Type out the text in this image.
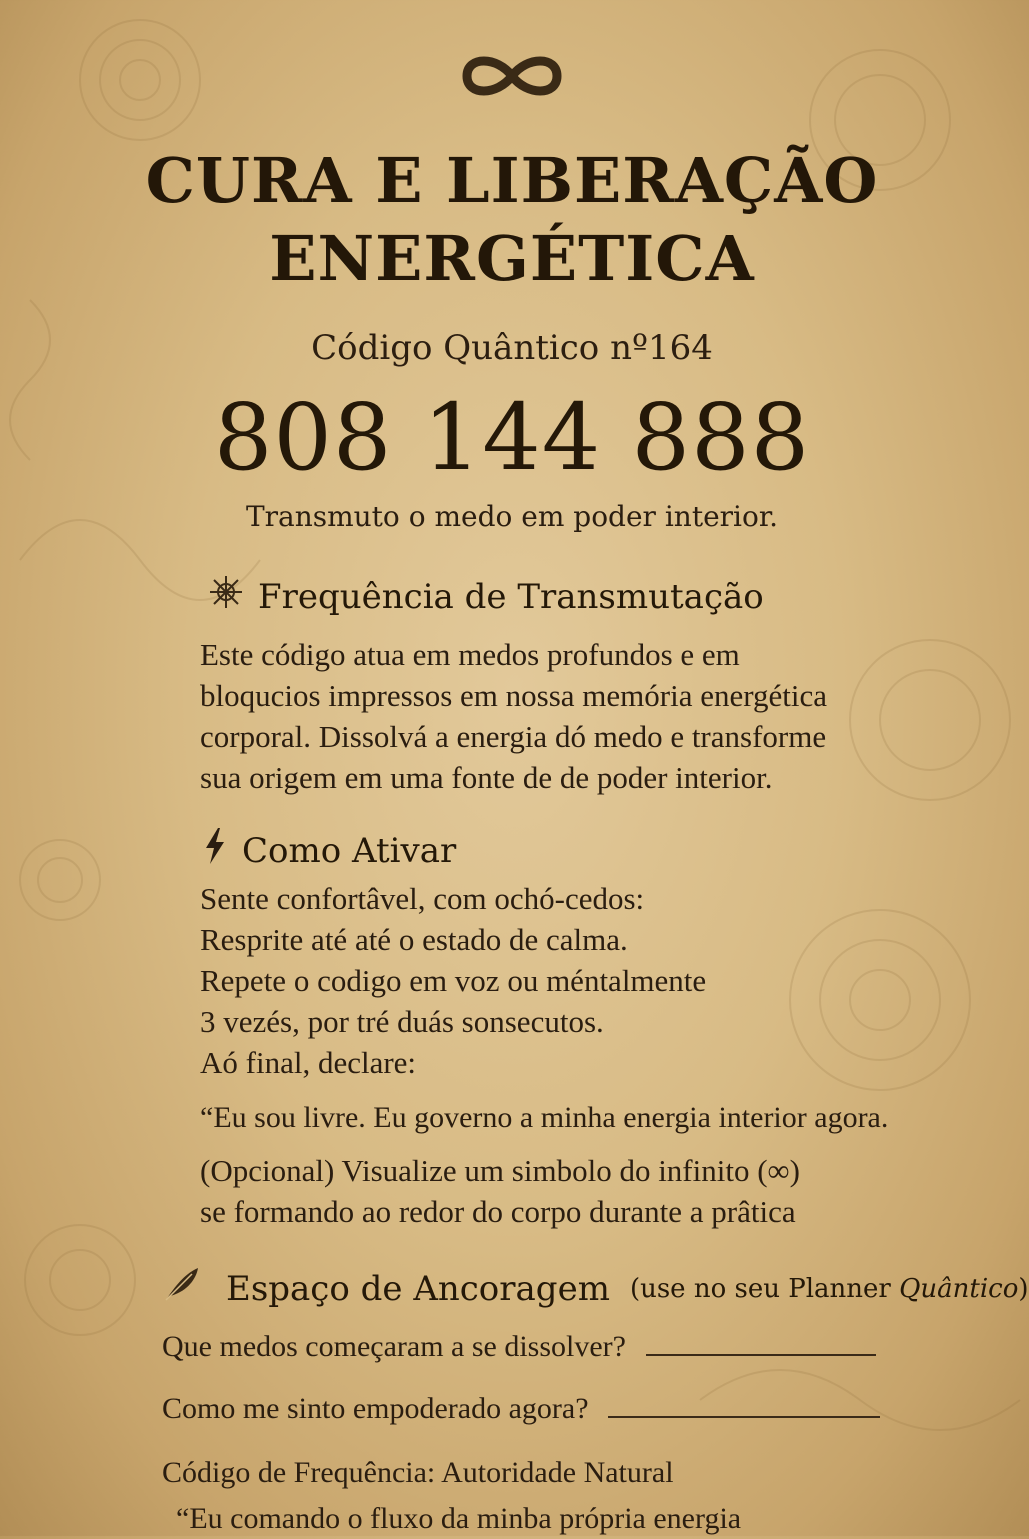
CURA E LIBERAÇÃO
ENERGÉTICA
Código Quântico nº164
808 144 888
Transmuto o medo em poder interior.
Frequência de Transmutação
Este código atua em medos profundos e em
bloqucios impressos em nossa memória energética
corporal. Dissolvá a energia dó medo e transforme
sua origem em uma fonte de de poder interior.
Como Ativar
Sente confortâvel, com ochó-cedos:
Resprite até até o estado de calma.
Repete o codigo em voz ou méntalmente
3 vezés, por tré duás sonsecutos.
Aó final, declare:
“Eu sou livre. Eu governo a minha energia interior agora.
(Opcional) Visualize um simbolo do infinito (∞)
se formando ao redor do corpo durante a prâtica
Espaço de Ancoragem (use no seu Planner Quântico)
Que medos começaram a se dissolver?
Como me sinto empoderado agora?
Código de Frequência: Autoridade Natural
“Eu comando o fluxo da minba própria energia
